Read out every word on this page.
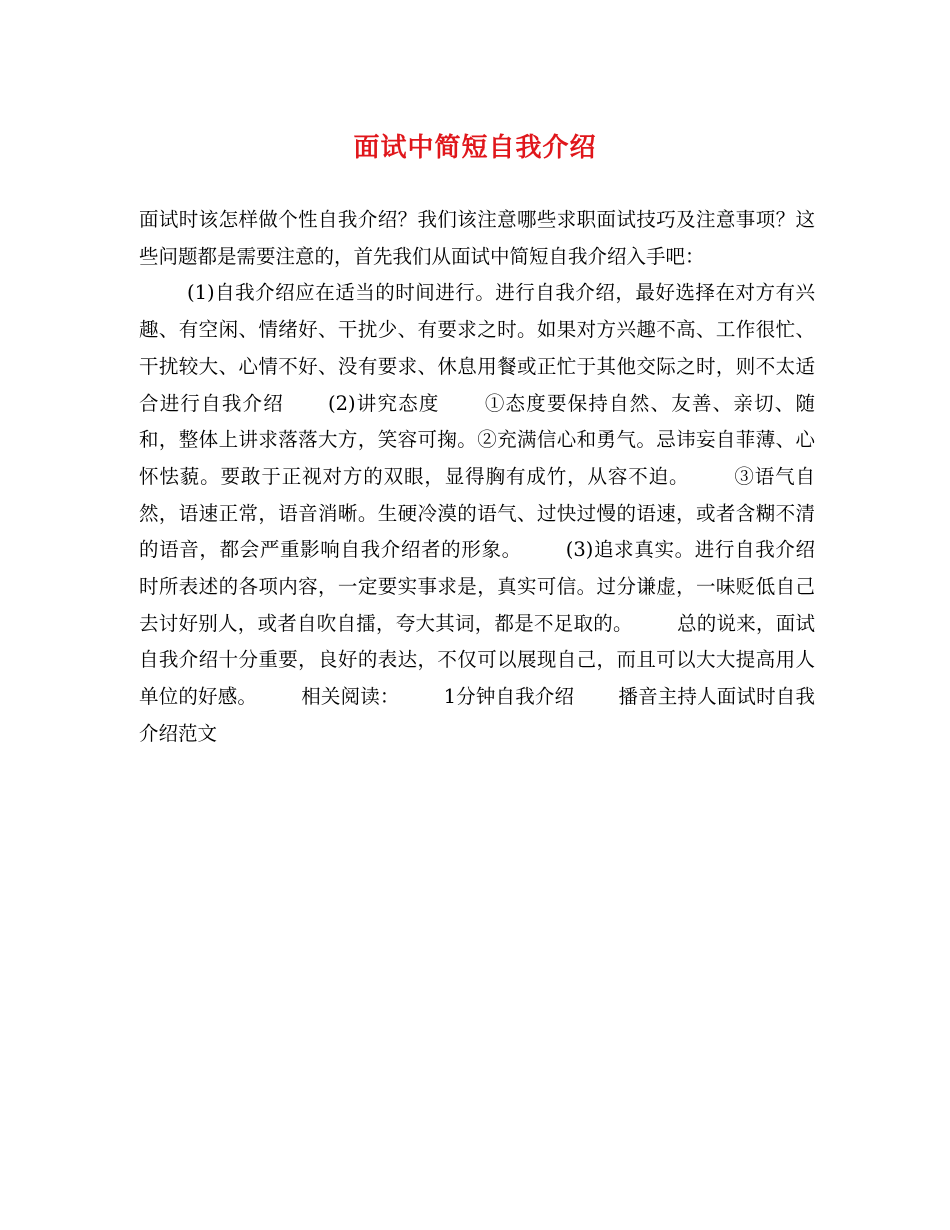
面试中简短自我介绍

面试时该怎样做个性自我介绍？我们该注意哪些求职面试技巧及注意事项？这些问题都是需要注意的，首先我们从面试中简短自我介绍入手吧：

(1)自我介绍应在适当的时间进行。进行自我介绍，最好选择在对方有兴趣、有空闲、情绪好、干扰少、有要求之时。如果对方兴趣不高、工作很忙、干扰较大、心情不好、没有要求、休息用餐或正忙于其他交际之时，则不太适合进行自我介绍 (2)讲究态度 ①态度要保持自然、友善、亲切、随和，整体上讲求落落大方，笑容可掬。②充满信心和勇气。忌讳妄自菲薄、心怀怯藐。要敢于正视对方的双眼，显得胸有成竹，从容不迫。 ③语气自然，语速正常，语音消晰。生硬冷漠的语气、过快过慢的语速，或者含糊不清的语音，都会严重影响自我介绍者的形象。 (3)追求真实。进行自我介绍时所表述的各项内容，一定要实事求是，真实可信。过分谦虚，一味贬低自己去讨好别人，或者自吹自擂，夸大其词，都是不足取的。 总的说来，面试自我介绍十分重要，良好的表达，不仅可以展现自己，而且可以大大提高用人单位的好感。 相关阅读： 1分钟自我介绍 播音主持人面试时自我介绍范文
